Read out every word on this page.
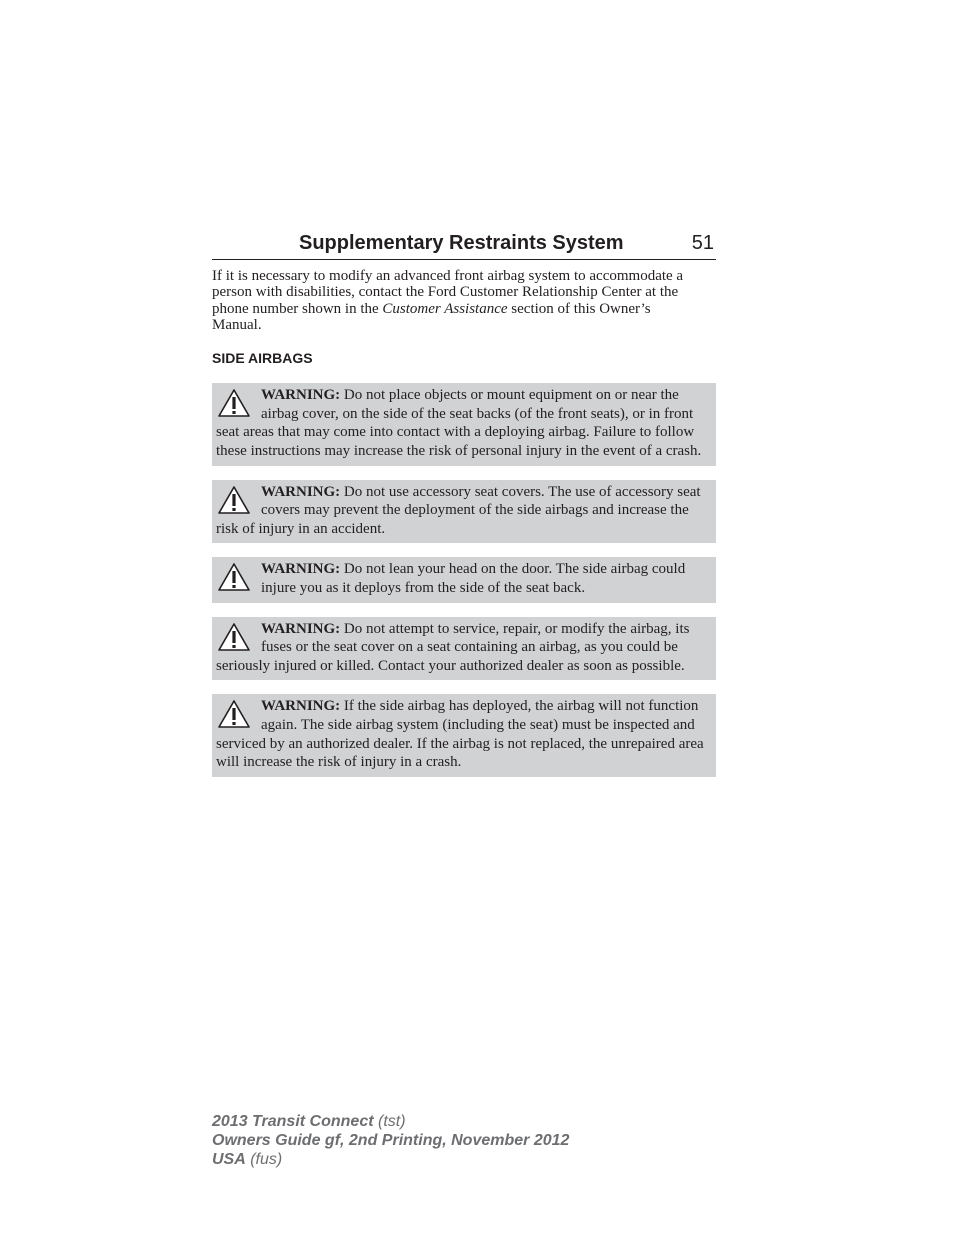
Supplementary Restraints System	51

If it is necessary to modify an advanced front airbag system to accommodate a person with disabilities, contact the Ford Customer Relationship Center at the phone number shown in the Customer Assistance section of this Owner’s Manual.

SIDE AIRBAGS
WARNING: Do not place objects or mount equipment on or near the airbag cover, on the side of the seat backs (of the front seats), or in front seat areas that may come into contact with a deploying airbag. Failure to follow these instructions may increase the risk of personal injury in the event of a crash.
WARNING: Do not use accessory seat covers. The use of accessory seat covers may prevent the deployment of the side airbags and increase the risk of injury in an accident.
WARNING: Do not lean your head on the door. The side airbag could injure you as it deploys from the side of the seat back.
WARNING: Do not attempt to service, repair, or modify the airbag, its fuses or the seat cover on a seat containing an airbag, as you could be seriously injured or killed. Contact your authorized dealer as soon as possible.
WARNING: If the side airbag has deployed, the airbag will not function again. The side airbag system (including the seat) must be inspected and serviced by an authorized dealer. If the airbag is not replaced, the unrepaired area will increase the risk of injury in a crash.
2013 Transit Connect (tst)
Owners Guide gf, 2nd Printing, November 2012
USA (fus)
